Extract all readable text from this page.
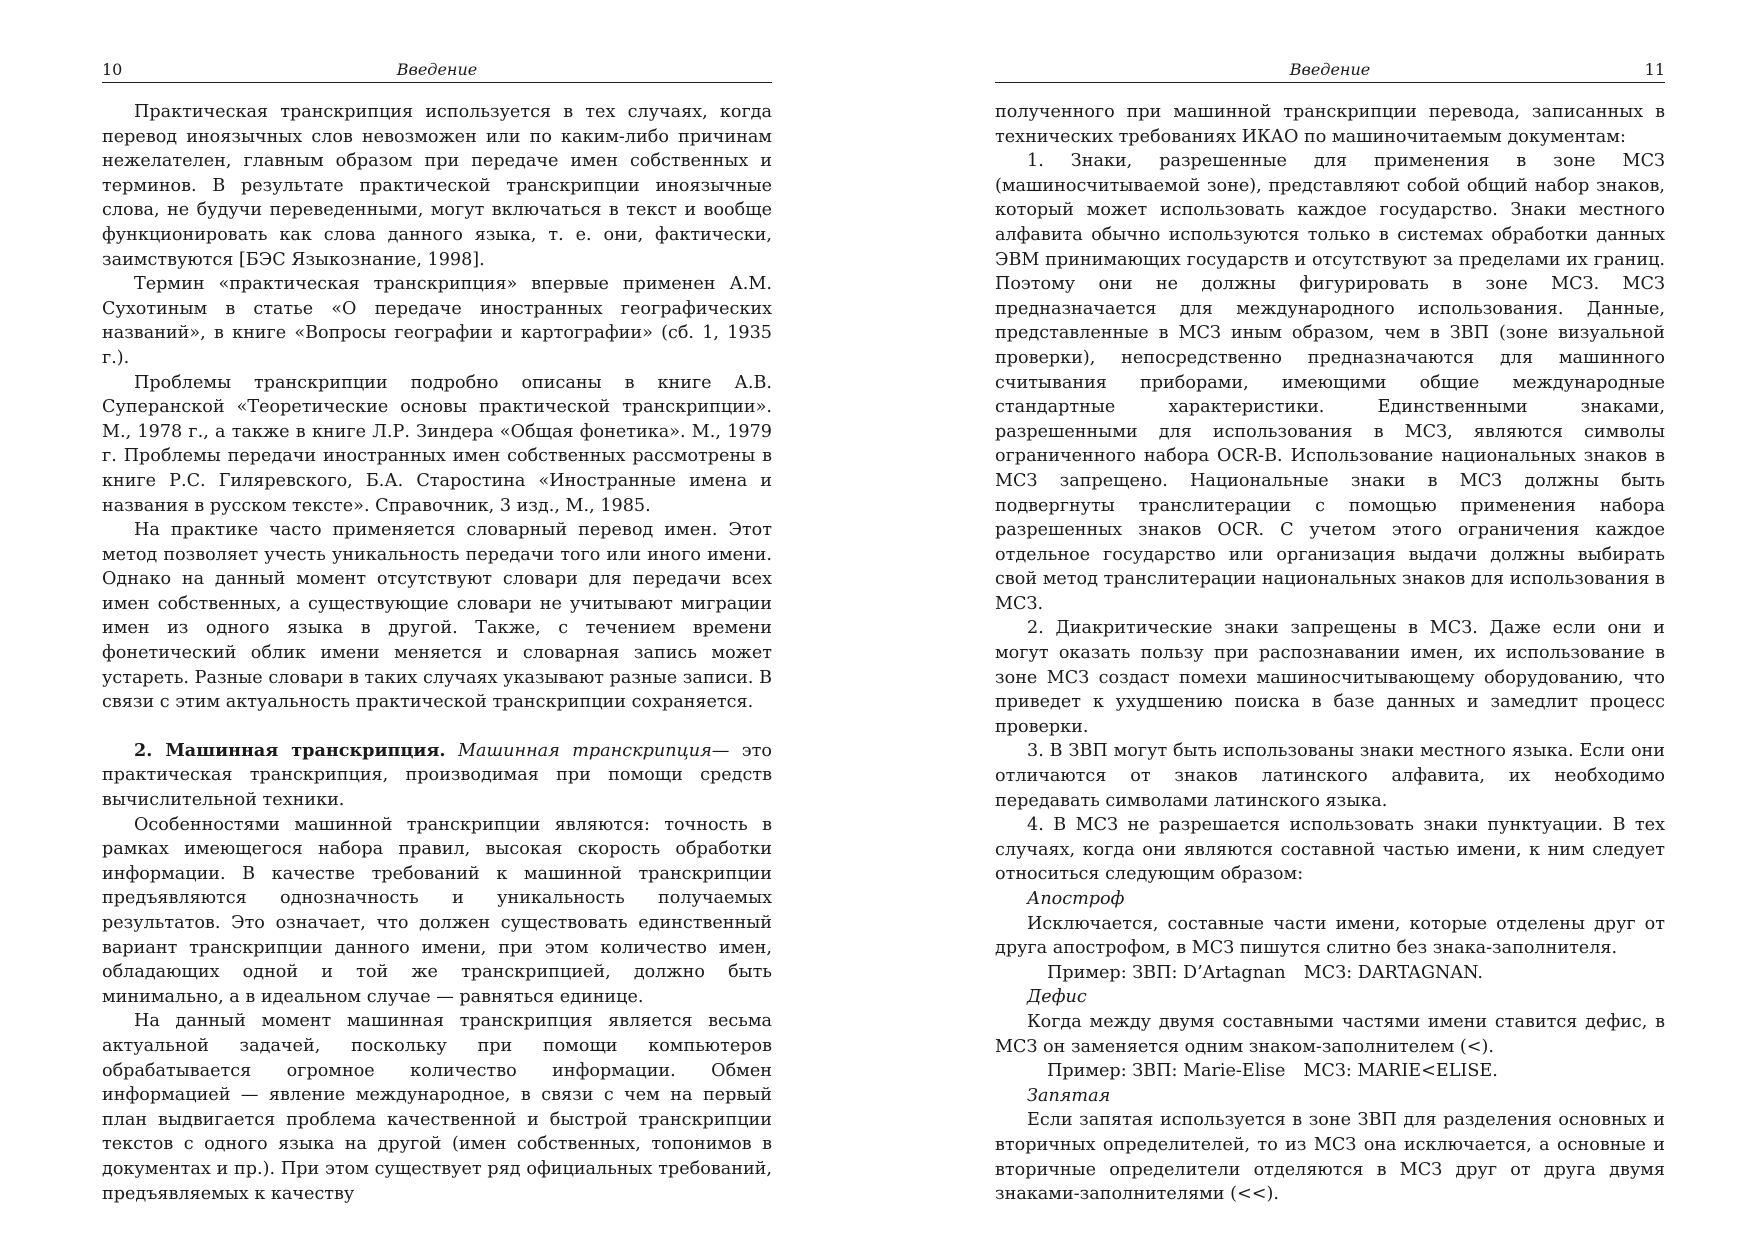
10	Введение

Практическая транскрипция используется в тех случаях, когда перевод иноязычных слов невозможен или по каким-либо причинам нежелателен, главным образом при передаче имен собственных и терминов. В результате практической транскрипции иноязычные слова, не будучи переведенными, могут включаться в текст и вообще функционировать как слова данного языка, т. е. они, фактически, заимствуются [БЭС Языкознание, 1998].

Термин «практическая транскрипция» впервые применен А.М. Сухотиным в статье «О передаче иностранных географических названий», в книге «Вопросы географии и картографии» (сб. 1, 1935 г.).

Проблемы транскрипции подробно описаны в книге А.В. Суперанской «Теоретические основы практической транскрипции». М., 1978 г., а также в книге Л.Р. Зиндера «Общая фонетика». М., 1979 г. Проблемы передачи иностранных имен собственных рассмотрены в книге Р.С. Гиляревского, Б.А. Старостина «Иностранные имена и названия в русском тексте». Справочник, 3 изд., М., 1985.

На практике часто применяется словарный перевод имен. Этот метод позволяет учесть уникальность передачи того или иного имени. Однако на данный момент отсутствуют словари для передачи всех имен собственных, а существующие словари не учитывают миграции имен из одного языка в другой. Также, с течением времени фонетический облик имени меняется и словарная запись может устареть. Разные словари в таких случаях указывают разные записи. В связи с этим актуальность практической транскрипции сохраняется.

2. Машинная транскрипция. Машинная транскрипция— это практическая транскрипция, производимая при помощи средств вычислительной техники.

Особенностями машинной транскрипции являются: точность в рамках имеющегося набора правил, высокая скорость обработки информации. В качестве требований к машинной транскрипции предъявляются однозначность и уникальность получаемых результатов. Это означает, что должен существовать единственный вариант транскрипции данного имени, при этом количество имен, обладающих одной и той же транскрипцией, должно быть минимально, а в идеальном случае — равняться единице.

На данный момент машинная транскрипция является весьма актуальной задачей, поскольку при помощи компьютеров обрабатывается огромное количество информации. Обмен информацией — явление международное, в связи с чем на первый план выдвигается проблема качественной и быстрой транскрипции текстов с одного языка на другой (имен собственных, топонимов в документах и пр.). При этом существует ряд официальных требований, предъявляемых к качеству

Введение	11

полученного при машинной транскрипции перевода, записанных в технических требованиях ИКАО по машиночитаемым документам:

1. Знаки, разрешенные для применения в зоне МСЗ (машиносчитываемой зоне), представляют собой общий набор знаков, который может использовать каждое государство. Знаки местного алфавита обычно используются только в системах обработки данных ЭВМ принимающих государств и отсутствуют за пределами их границ. Поэтому они не должны фигурировать в зоне МСЗ. МСЗ предназначается для международного использования. Данные, представленные в МСЗ иным образом, чем в ЗВП (зоне визуальной проверки), непосредственно предназначаются для машинного считывания приборами, имеющими общие международные стандартные характеристики. Единственными знаками, разрешенными для использования в МСЗ, являются символы ограниченного набора OCR-B. Использование национальных знаков в МСЗ запрещено. Национальные знаки в МСЗ должны быть подвергнуты транслитерации с помощью применения набора разрешенных знаков OCR. С учетом этого ограничения каждое отдельное государство или организация выдачи должны выбирать свой метод транслитерации национальных знаков для использования в МСЗ.

2. Диакритические знаки запрещены в МСЗ. Даже если они и могут оказать пользу при распознавании имен, их использование в зоне МСЗ создаст помехи машиносчитывающему оборудованию, что приведет к ухудшению поиска в базе данных и замедлит процесс проверки.

3. В ЗВП могут быть использованы знаки местного языка. Если они отличаются от знаков латинского алфавита, их необходимо передавать символами латинского языка.

4. В МСЗ не разрешается использовать знаки пунктуации. В тех случаях, когда они являются составной частью имени, к ним следует относиться следующим образом:

Апостроф

Исключается, составные части имени, которые отделены друг от друга апострофом, в МСЗ пишутся слитно без знака-заполнителя.

Пример: ЗВП: D’Artagnan МСЗ: DARTAGNAN.

Дефис

Когда между двумя составными частями имени ставится дефис, в МСЗ он заменяется одним знаком-заполнителем (<).

Пример: ЗВП: Marie-Elise МСЗ: MARIE<ELISE.

Запятая

Если запятая используется в зоне ЗВП для разделения основных и вторичных определителей, то из МСЗ она исключается, а основные и вторичные определители отделяются в МСЗ друг от друга двумя знаками-заполнителями (<<).
